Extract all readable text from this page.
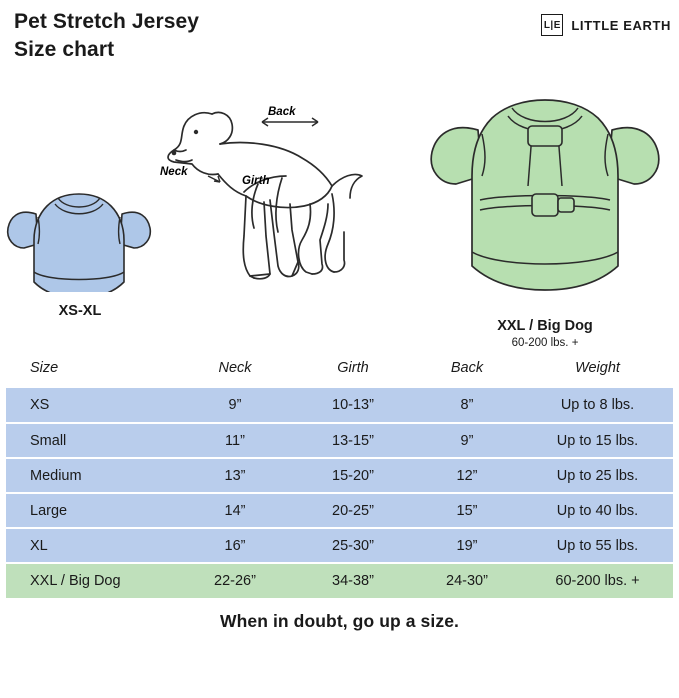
Pet Stretch Jersey
Size chart
L|E LITTLE EARTH
XS-XL
Back
Neck
Girth
XXL / Big Dog
60-200 lbs. +
Size	Neck	Girth	Back	Weight
XS	9”	10-13”	8”	Up to 8 lbs.
Small	11”	13-15”	9”	Up to 15 lbs.
Medium	13”	15-20”	12”	Up to 25 lbs.
Large	14”	20-25”	15”	Up to 40 lbs.
XL	16”	25-30”	19”	Up to 55 lbs.
XXL / Big Dog	22-26”	34-38”	24-30”	60-200 lbs. +
When in doubt, go up a size.
